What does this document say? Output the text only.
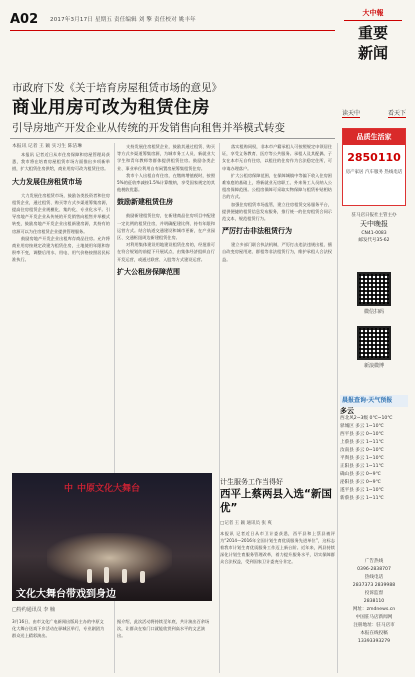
A02	2017年3月17日 星期五 责任编辑 刘 擎 责任校对 姚丰年
大中報
重要
新闻
市政府下发《关于培育房屋租赁市场的意见》
商业用房可改为租赁住房
引导房地产开发企业从传统的开发销售向租售并举模式转变
本报讯 记者 王 颖 实习生 陈洁琳

本报讯 记者近日从市住房保障和房屋管理局获悉，我市将在培育房屋租赁市场方面推出多项新举措，扩大租赁住房供给，商业用房可改为租赁住房。

大力发展住房租赁市场

大力发展住房租赁市场，鼓励各类投资者和住房租赁企业，通过租赁、购买等方式多渠道筹集房源，提高住房租赁企业规模化、集约化、专业化水平。引导房地产开发企业从传统的开发销售向租售并举模式转变，鼓励房地产开发企业出租新建房源，其持有的房源可以为住房租赁企业提供管理服务。

鼓励房地产开发企业出租库存商品住房。允许将商业用房按规定改建为租赁住房，土地使用年限和容积率不变，调整后用水、用电、用气价格按照居民标准执行。

支持发展住房租赁企业，鼓励其通过租赁、购买等方式多渠道筹集房源，为城市务工人员、新就业大学生和青年教师等群体提供租赁住房。鼓励各类企业、事业单位利用自有闲置房屋筹集租赁住房。

我市个人出租自有住房，在缴纳增值税时，按照5%的征收率减按1.5%计算缴纳，享受国家规定的其他税收优惠。

鼓励新建租赁住房

鼓励新建租赁住房，在新建商品住房项目中配建一定比例的租赁住房，并明确配建比例、持有年限和运营方式。结合轨道交通建设和城市更新，在产业园区、交通枢纽周边新建租赁住房。

对利用集体建设用地建设租赁住房的，经批准可在符合规划的前提下开展试点，由集体经济组织自行开发运营，或通过联营、入股等方式建设运营。

扩大公租房保障范围

落实租购同权，非本市户籍承租人可按照规定申领居住证，享受义务教育、医疗等公共服务。承租人及其配偶、子女在本市无自有住房，以租住的住房作为合法稳定住所，可申请办理落户。

扩大公租房保障范围，在保障城镇中等偏下收入住房困难家庭的基础上，将新就业无房职工、外来务工人员纳入公租房保障范围。公租房保障可采取实物保障与租赁补贴相结合的方式。

加强住房租赁市场监管，建立住房租赁交易服务平台，提供便捷的租赁信息发布服务，推行统一的住房租赁合同示范文本，规范租赁行为。

严厉打击非法租赁行为

建立多部门联合执法机制，严厉打击违法违规出租、擅自改变房屋用途、群租等非法租赁行为，维护承租人合法权益。

读天中	看天下
品质生活家
2850110
房产家居 汽车服务 热线电话
驻马店日报社主管主办
天中晚报
CN41-0083
邮发代号35-62
微信扫码
新浪微博
中 中原文化大舞台
文化大舞台带戏到身边
□特约通讯员 李 楠
3月16日，由市文化广电新闻出版局主办的中原文化大舞台送戏下乡活动在驿城区举行，专业剧团为群众送上精彩演出。
据介绍，此次活动将持续至年底，共计演出百余场次，让群众在家门口就能欣赏到高水平的文艺演出。
计生服务工作当得好
西平上蔡两县入选“新国优”
□记者 王 颖 通讯员 张 爽
本报讯 记者近日从市卫计委获悉，西平县和上蔡县被评为“2014—2016年全国计划生育优质服务先进单位”，这标志着我市计划生育优质服务工作迈上新台阶。近年来，两县持续深化计划生育服务管理改革，着力提升服务水平，切实保障群众合法权益，受到国家卫计委充分肯定。
晨报查询·天气预报
多云
西北风2~3级 0℃~10℃
驿城区 多云 1~10℃
西平县 多云 0~10℃
上蔡县 多云 1~11℃
汝南县 多云 0~10℃
平舆县 多云 1~10℃
正阳县 多云 1~11℃
确山县 多云 0~9℃
泌阳县 多云 0~9℃
遂平县 多云 1~10℃
新蔡县 多云 1~11℃
广告热线
0396-2838707
热线电话
2837373 2839988
投诉监督
2838110
网址：zmdnews.cn
中国驻马店新闻网
注册地址：驻马店市
本报在线投稿
13393393279
